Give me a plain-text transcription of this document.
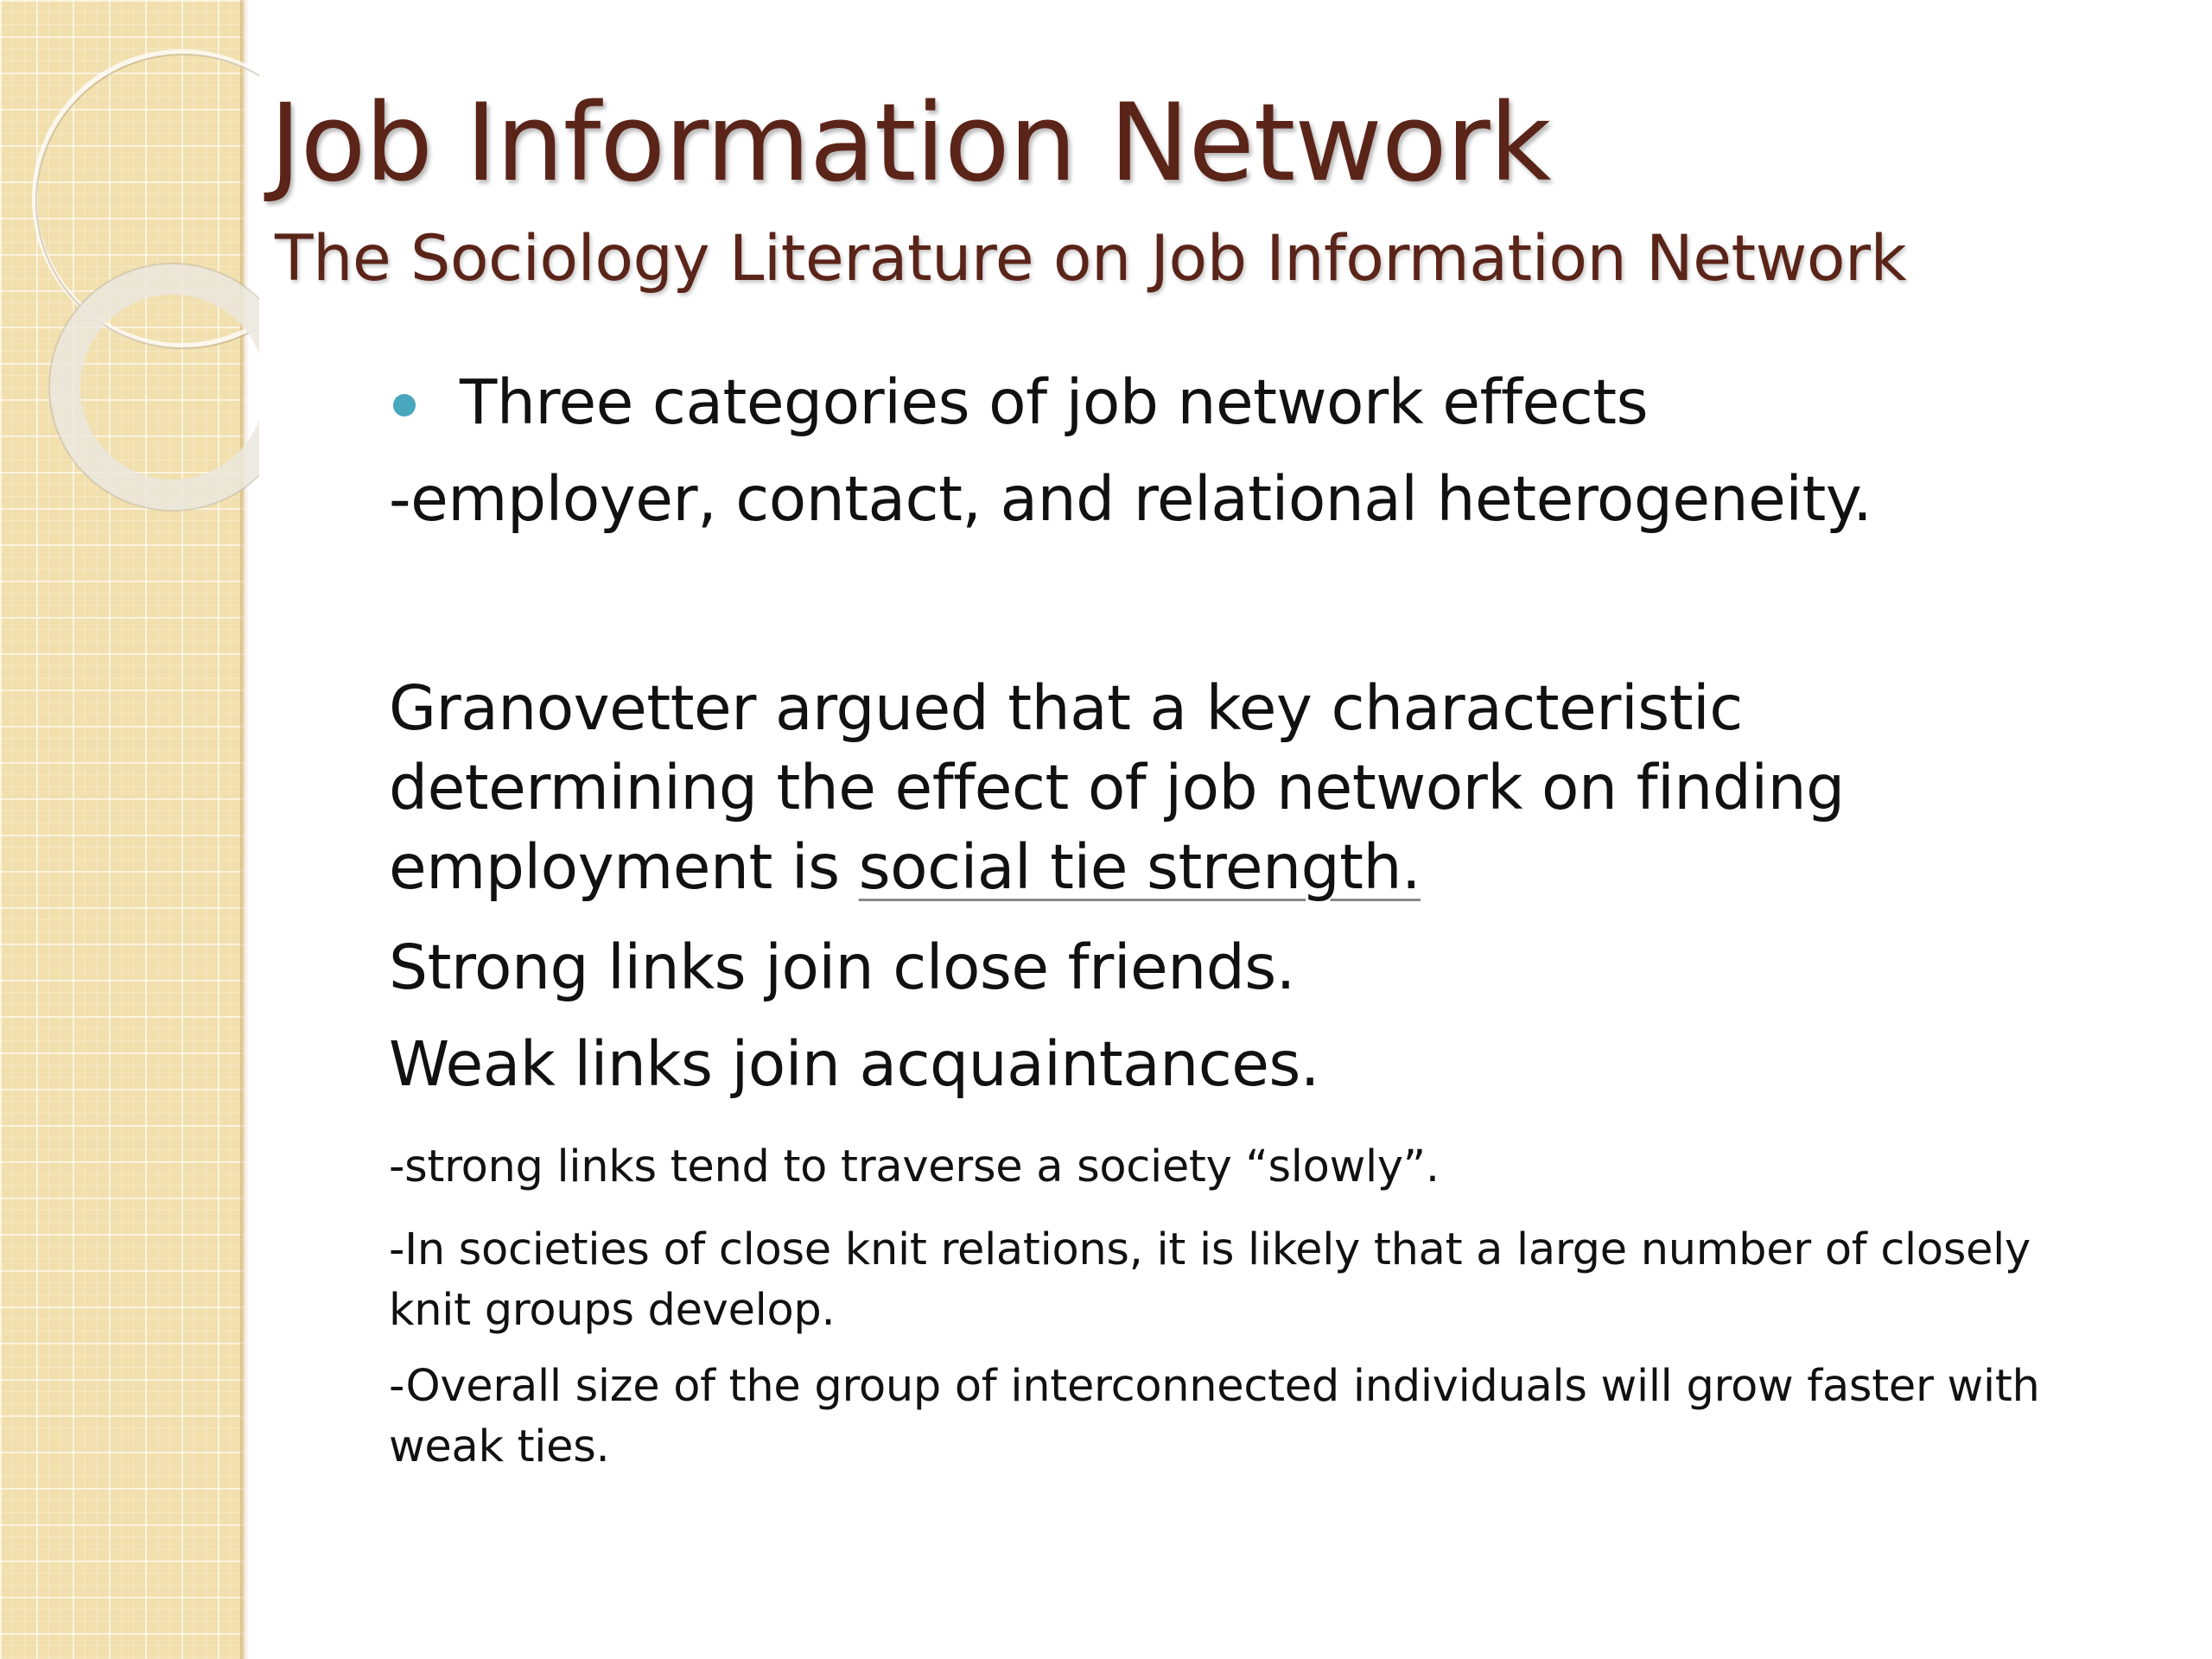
Job Information Network
The Sociology Literature on Job Information Network

Three categories of job network effects

-employer, contact, and relational heterogeneity.

Granovetter argued that a key characteristic determining the effect of job network on finding employment is social tie strength.

Strong links join close friends.

Weak links join acquaintances.

-strong links tend to traverse a society “slowly”.

-In societies of close knit relations, it is likely that a large number of closely knit groups develop.

-Overall size of the group of interconnected individuals will grow faster with weak ties.
